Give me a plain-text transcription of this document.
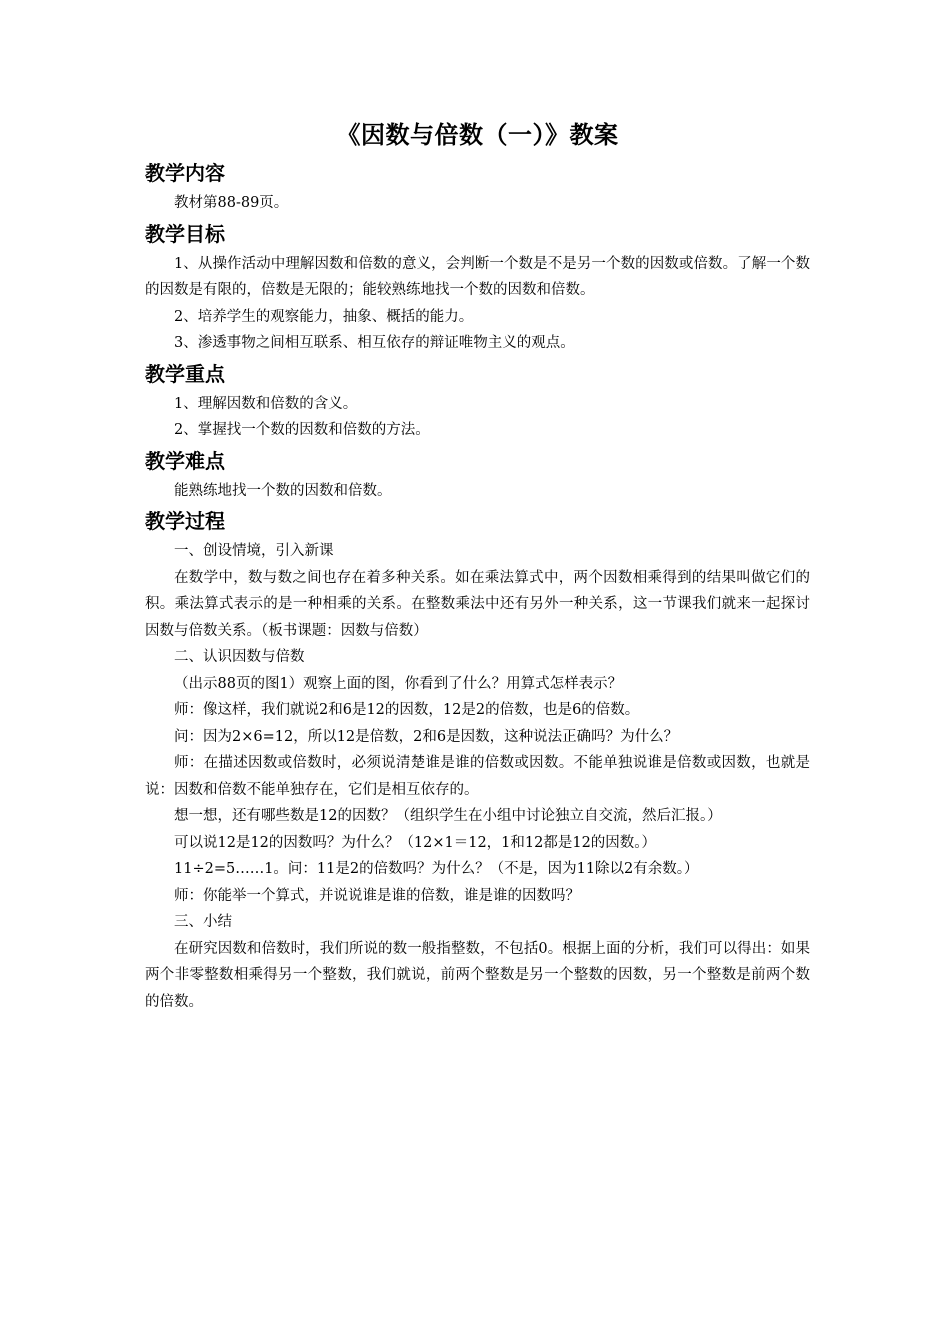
《因数与倍数（一）》教案
教学内容

教材第88-89页。

教学目标

1、从操作活动中理解因数和倍数的意义，会判断一个数是不是另一个数的因数或倍数。了解一个数的因数是有限的，倍数是无限的；能较熟练地找一个数的因数和倍数。

2、培养学生的观察能力，抽象、概括的能力。

3、渗透事物之间相互联系、相互依存的辩证唯物主义的观点。

教学重点

1、理解因数和倍数的含义。

2、掌握找一个数的因数和倍数的方法。

教学难点

能熟练地找一个数的因数和倍数。

教学过程

一、创设情境，引入新课

在数学中，数与数之间也存在着多种关系。如在乘法算式中，两个因数相乘得到的结果叫做它们的积。乘法算式表示的是一种相乘的关系。在整数乘法中还有另外一种关系，这一节课我们就来一起探讨因数与倍数关系。（板书课题：因数与倍数）

二、认识因数与倍数

（出示88页的图1）观察上面的图，你看到了什么？用算式怎样表示？

师：像这样，我们就说2和6是12的因数，12是2的倍数，也是6的倍数。

问：因为2×6=12，所以12是倍数，2和6是因数，这种说法正确吗？为什么？

师：在描述因数或倍数时，必须说清楚谁是谁的倍数或因数。不能单独说谁是倍数或因数，也就是说：因数和倍数不能单独存在，它们是相互依存的。

想一想，还有哪些数是12的因数？（组织学生在小组中讨论独立自交流，然后汇报。）

可以说12是12的因数吗？为什么？（12×1＝12，1和12都是12的因数。）

11÷2=5……1。问：11是2的倍数吗？为什么？（不是，因为11除以2有余数。）

师：你能举一个算式，并说说谁是谁的倍数，谁是谁的因数吗？

三、小结

在研究因数和倍数时，我们所说的数一般指整数，不包括0。根据上面的分析，我们可以得出：如果两个非零整数相乘得另一个整数，我们就说，前两个整数是另一个整数的因数，另一个整数是前两个数的倍数。
